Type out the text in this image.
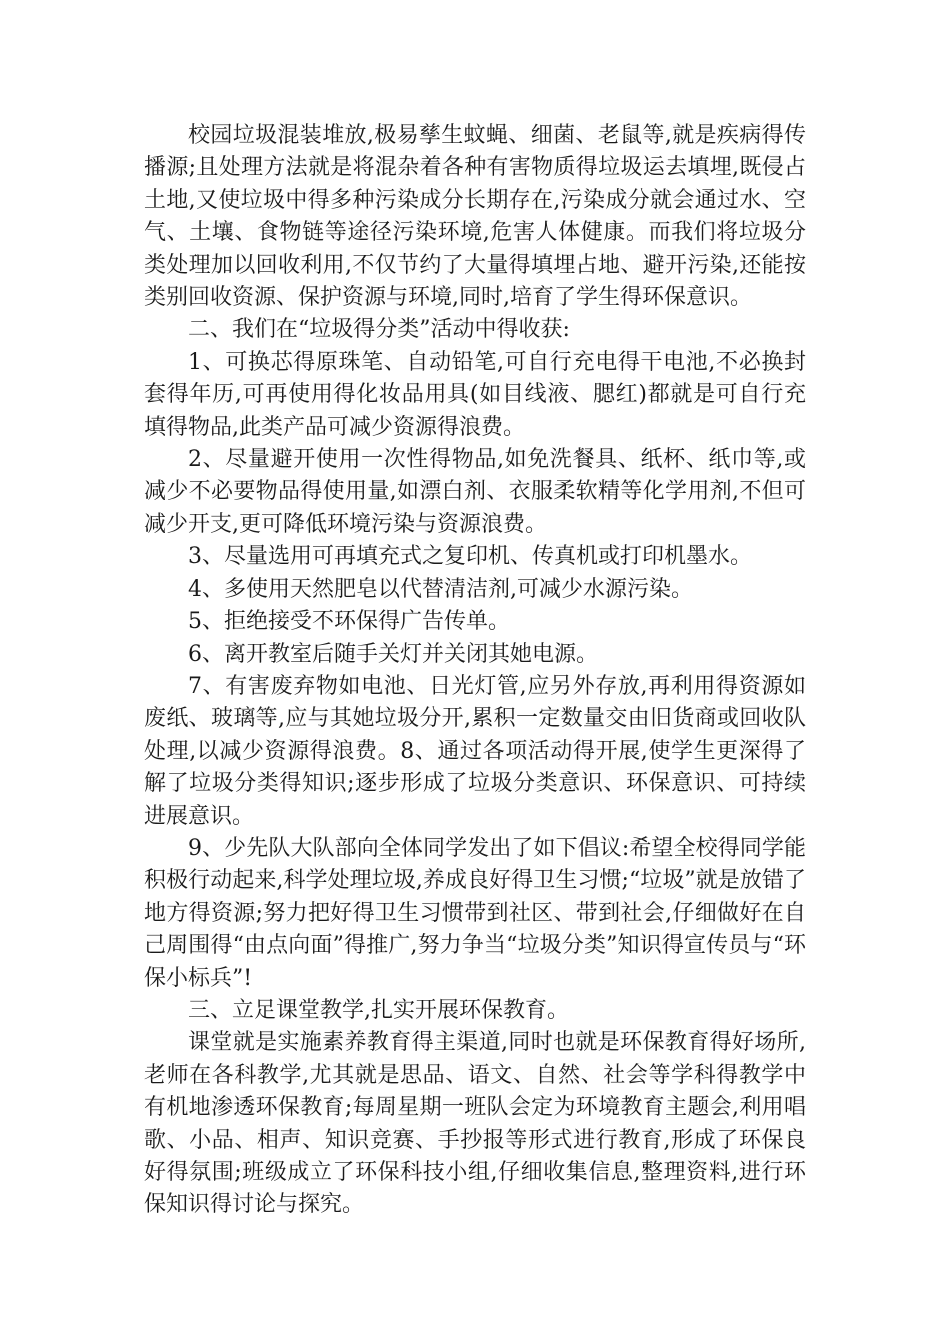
校园垃圾混装堆放,极易孳生蚊蝇、细菌、老鼠等,就是疾病得传播源;且处理方法就是将混杂着各种有害物质得垃圾运去填埋,既侵占土地,又使垃圾中得多种污染成分长期存在,污染成分就会通过水、空气、土壤、食物链等途径污染环境,危害人体健康。而我们将垃圾分类处理加以回收利用,不仅节约了大量得填埋占地、避开污染,还能按类别回收资源、保护资源与环境,同时,培育了学生得环保意识。

二、我们在“垃圾得分类”活动中得收获:

1、可换芯得原珠笔、自动铅笔,可自行充电得干电池,不必换封套得年历,可再使用得化妆品用具(如目线液、腮红)都就是可自行充填得物品,此类产品可减少资源得浪费。

2、尽量避开使用一次性得物品,如免洗餐具、纸杯、纸巾等,或减少不必要物品得使用量,如漂白剂、衣服柔软精等化学用剂,不但可减少开支,更可降低环境污染与资源浪费。

3、尽量选用可再填充式之复印机、传真机或打印机墨水。

4、多使用天然肥皂以代替清洁剂,可减少水源污染。

5、拒绝接受不环保得广告传单。

6、离开教室后随手关灯并关闭其她电源。

7、有害废弃物如电池、日光灯管,应另外存放,再利用得资源如废纸、玻璃等,应与其她垃圾分开,累积一定数量交由旧货商或回收队处理,以减少资源得浪费。8、通过各项活动得开展,使学生更深得了解了垃圾分类得知识;逐步形成了垃圾分类意识、环保意识、可持续进展意识。

9、少先队大队部向全体同学发出了如下倡议:希望全校得同学能积极行动起来,科学处理垃圾,养成良好得卫生习惯;“垃圾”就是放错了地方得资源;努力把好得卫生习惯带到社区、带到社会,仔细做好在自己周围得“由点向面”得推广,努力争当“垃圾分类”知识得宣传员与“环保小标兵”!

三、立足课堂教学,扎实开展环保教育。

课堂就是实施素养教育得主渠道,同时也就是环保教育得好场所,老师在各科教学,尤其就是思品、语文、自然、社会等学科得教学中有机地渗透环保教育;每周星期一班队会定为环境教育主题会,利用唱歌、小品、相声、知识竞赛、手抄报等形式进行教育,形成了环保良好得氛围;班级成立了环保科技小组,仔细收集信息,整理资料,进行环保知识得讨论与探究。
